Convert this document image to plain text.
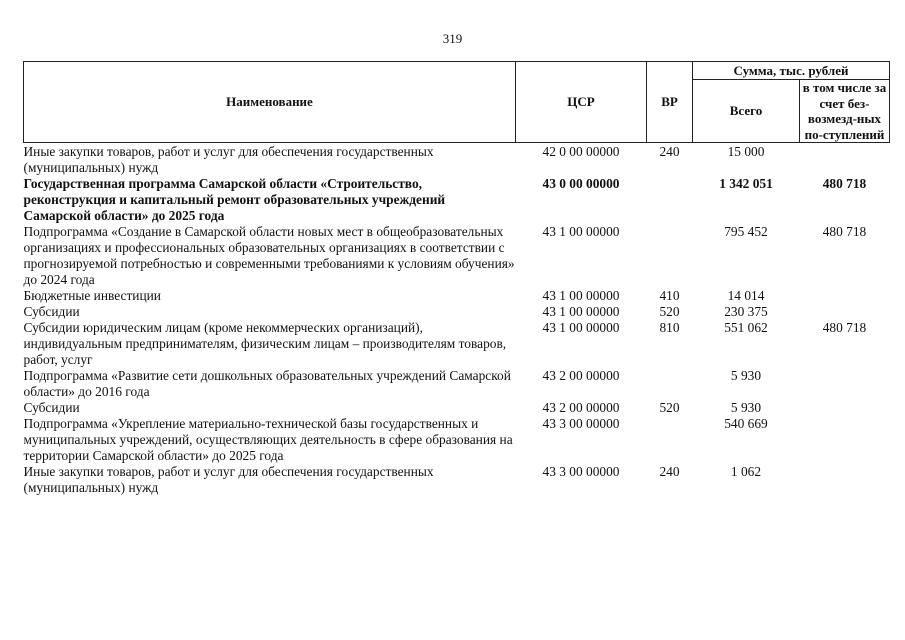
319
Наименование	ЦСР	ВР	Сумма, тыс. рублей	
			Всего	в том числе за счет без-возмезд-ных по-ступлений
Иные закупки товаров, работ и услуг для обеспечения государственных (муниципальных) нужд	42 0 00 00000	240	15 000	
Государственная программа Самарской области «Строительство, реконструкция и капитальный ремонт образовательных учреждений Самарской области» до 2025 года	43 0 00 00000		1 342 051	480 718
Подпрограмма «Создание в Самарской области новых мест в общеобразовательных организациях и профессиональных образовательных организациях в соответствии с прогнозируемой потребностью и современными требованиями к условиям обучения» до 2024 года	43 1 00 00000		795 452	480 718
Бюджетные инвестиции	43 1 00 00000	410	14 014	
Субсидии	43 1 00 00000	520	230 375	
Субсидии юридическим лицам (кроме некоммерческих организаций), индивидуальным предпринимателям, физическим лицам – производителям товаров, работ, услуг	43 1 00 00000	810	551 062	480 718
Подпрограмма «Развитие сети дошкольных образовательных учреждений Самарской области» до 2016 года	43 2 00 00000		5 930	
Субсидии	43 2 00 00000	520	5 930	
Подпрограмма «Укрепление материально-технической базы государственных и муниципальных учреждений, осуществляющих деятельность в сфере образования на территории Самарской области» до 2025 года	43 3 00 00000		540 669	
Иные закупки товаров, работ и услуг для обеспечения государственных (муниципальных) нужд	43 3 00 00000	240	1 062	
